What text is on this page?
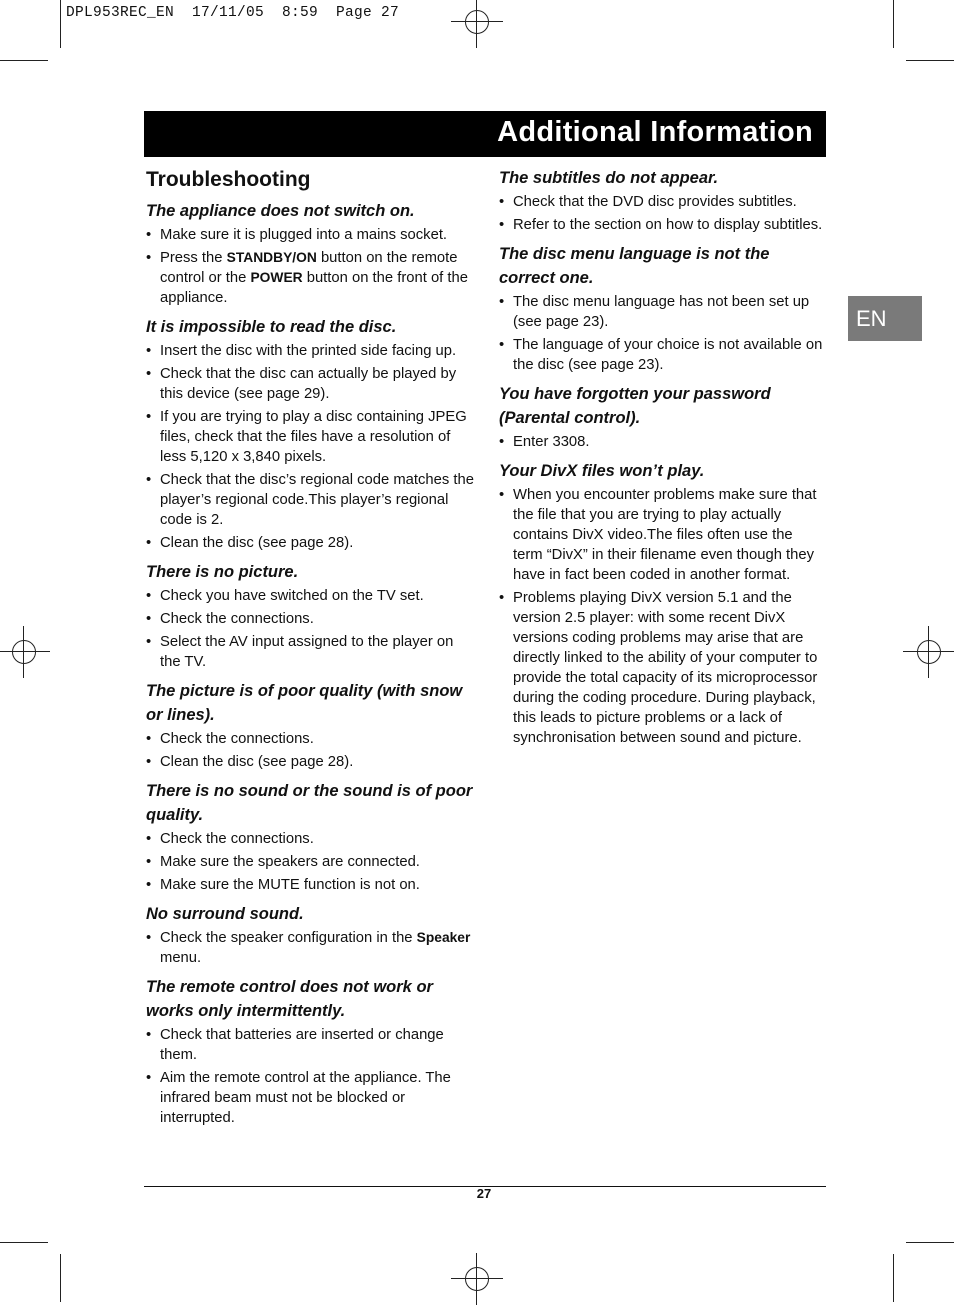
DPL953REC_EN  17/11/05  8:59  Page 27
Additional Information
EN
Troubleshooting

The appliance does not switch on.

• Make sure it is plugged into a mains socket.
• Press the STANDBY/ON button on the remote control or the POWER button on the front of the appliance.

It is impossible to read the disc.

• Insert the disc with the printed side facing up.
• Check that the disc can actually be played by this device (see page 29).
• If you are trying to play a disc containing JPEG files, check that the files have a resolution of less 5,120 x 3,840 pixels.
• Check that the disc’s regional code matches the player’s regional code.This player’s regional code is 2.
• Clean the disc (see page 28).

There is no picture.

• Check you have switched on the TV set.
• Check the connections.
• Select the AV input assigned to the player on the TV.

The picture is of poor quality (with snow or lines).

• Check the connections.
• Clean the disc (see page 28).

There is no sound or the sound is of poor quality.

• Check the connections.
• Make sure the speakers are connected.
• Make sure the MUTE function is not on.

No surround sound.

• Check the speaker configuration in the Speaker menu.

The remote control does not work or works only intermittently.

• Check that batteries are inserted or change them.
• Aim the remote control at the appliance. The infrared beam must not be blocked or interrupted.

The subtitles do not appear.

• Check that the DVD disc provides subtitles.
• Refer to the section on how to display subtitles.

The disc menu language is not the correct one.

• The disc menu language has not been set up (see page 23).
• The language of your choice is not available on the disc (see page 23).

You have forgotten your password (Parental control).

• Enter 3308.

Your DivX files won’t play.

• When you encounter problems make sure that the file that you are trying to play actually contains DivX video.The files often use the term “DivX” in their filename even though they have in fact been coded in another format.
• Problems playing DivX version 5.1 and the version 2.5 player: with some recent DivX versions coding problems may arise that are directly linked to the ability of your computer to provide the total capacity of its microprocessor during the coding procedure. During playback, this leads to picture problems or a lack of synchronisation between sound and picture.
27
